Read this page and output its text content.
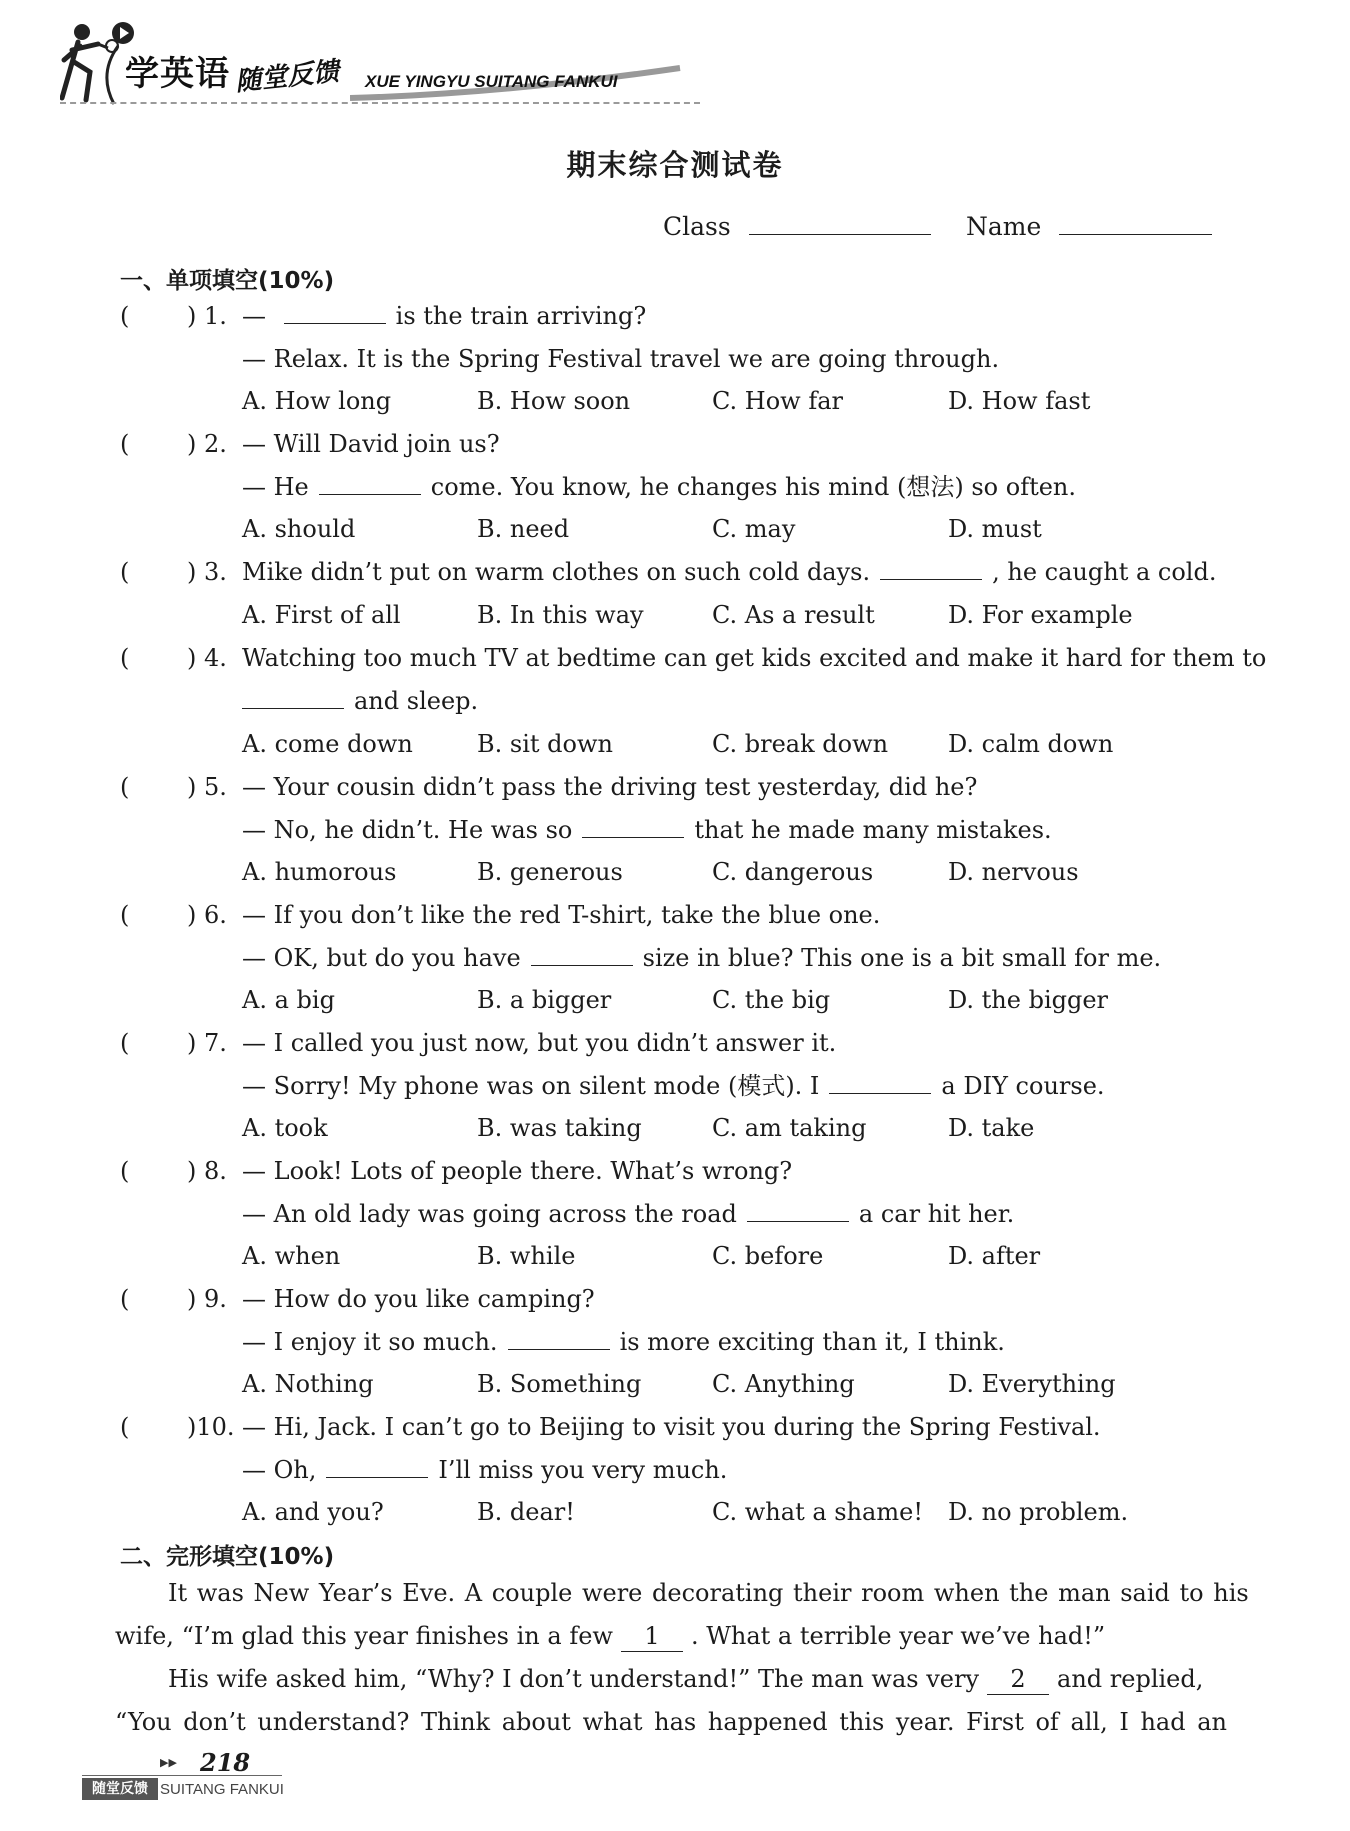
学英语 随堂反馈 XUE YINGYU SUITANG FANKUI
期末综合测试卷
Class	Name
一、单项填空(10%)
( ) 1. —	is the train arriving?
— Relax. It is the Spring Festival travel we are going through.
A. How long	B. How soon	C. How far	D. How fast
( ) 2. — Will David join us?
— He	come. You know, he changes his mind (想法) so often.
A. should	B. need	C. may	D. must
( ) 3. Mike didn’t put on warm clothes on such cold days.	, he caught a cold.
A. First of all	B. In this way	C. As a result	D. For example
( ) 4. Watching too much TV at bedtime can get kids excited and make it hard for them to
and sleep.
A. come down	B. sit down	C. break down D. calm down
( ) 5. — Your cousin didn’t pass the driving test yesterday, did he?
— No, he didn’t. He was so	that he made many mistakes.
A. humorous	B. generous	C. dangerous	D. nervous
( ) 6. — If you don’t like the red T-shirt, take the blue one.
— OK, but do you have	size in blue? This one is a bit small for me.
A. a big	B. a bigger	C. the big	D. the bigger
( ) 7. — I called you just now, but you didn’t answer it.
— Sorry! My phone was on silent mode (模式). I	a DIY course.
A. took	B. was taking	C. am taking	D. take
( ) 8. — Look! Lots of people there. What’s wrong?
— An old lady was going across the road	a car hit her.
A. when	B. while	C. before	D. after
( ) 9. — How do you like camping?
— I enjoy it so much.	is more exciting than it, I think.
A. Nothing	B. Something	C. Anything	D. Everything
( )10. — Hi, Jack. I can’t go to Beijing to visit you during the Spring Festival.
— Oh,	I’ll miss you very much.
A. and you?	B. dear!	C. what a shame! D. no problem.
二、完形填空(10%)
It was New Year’s Eve. A couple were decorating their room when the man said to his
wife, “I’m glad this year finishes in a few 1 . What a terrible year we’ve had!”
His wife asked him, “Why? I don’t understand!” The man was very 2 and replied,
“You don’t understand? Think about what has happened this year. First of all, I had an
▶▶ 218
随堂反馈 SUITANG FANKUI
